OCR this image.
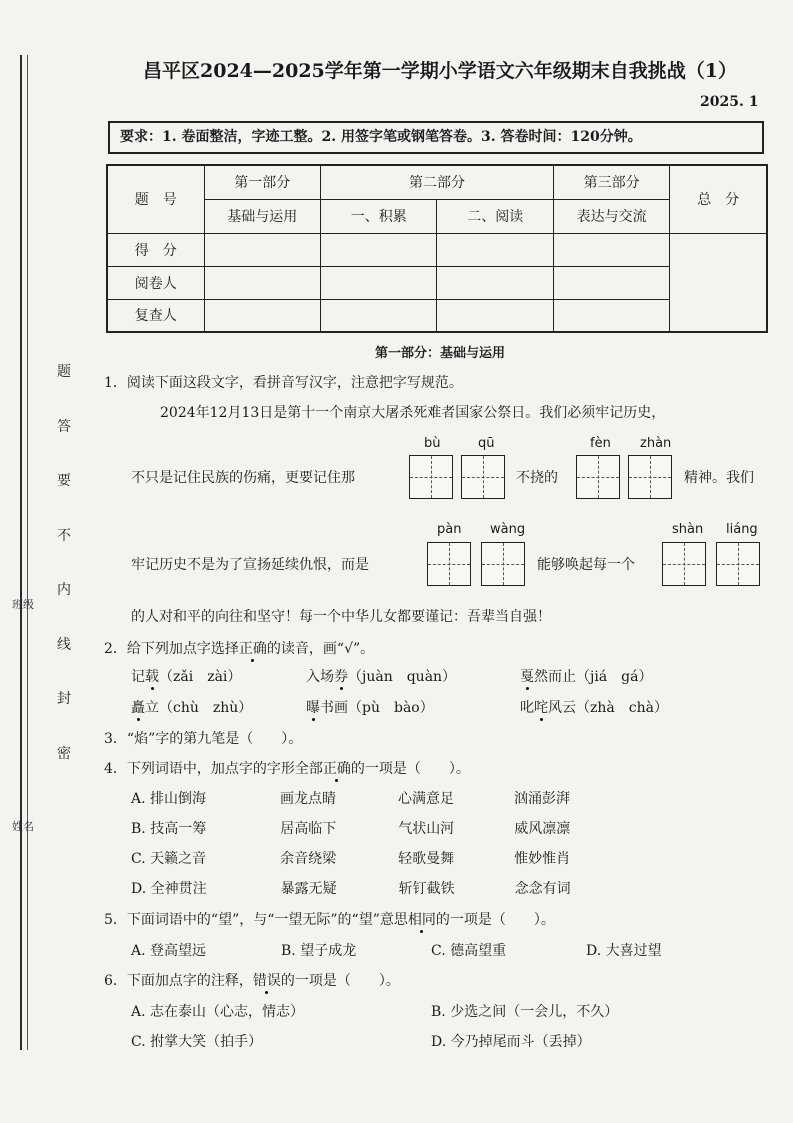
班级
姓名
题
答
要
不
内
线
封
密
昌平区2024—2025学年第一学期小学语文六年级期末自我挑战（1）
2025. 1
要求：1. 卷面整洁，字迹工整。2. 用签字笔或钢笔答卷。3. 答卷时间：120分钟。
题　号	第一部分	第二部分		第三部分	总　分
	基础与运用	一、积累	二、阅读	表达与交流	
得　分					
阅卷人					
复查人					
第一部分：基础与运用
1．阅读下面这段文字，看拼音写汉字，注意把字写规范。
2024年12月13日是第十一个南京大屠杀死难者国家公祭日。我们必须牢记历史，
bù	qū	fèn zhàn
不只是记住民族的伤痛，更要记住那	不挠的	精神。我们
pàn wàng	shàn liáng
牢记历史不是为了宣扬延续仇恨，而是	能够唤起每一个
的人对和平的向往和坚守！每一个中华儿女都要谨记：吾辈当自强！
2．给下列加点字选择正确的读音，画“√”。
记载（zǎi　zài）	入场券（juàn　quàn）	戛然而止（jiá　gá）
矗立（chù　zhù）	曝书画（pù　bào）	叱咤风云（zhà　chà）
3．“焰”字的第九笔是（　　）。
4．下列词语中，加点字的字形全部正确的一项是（　　）。
A. 排山倒海	画龙点睛	心满意足	汹涌彭湃
B. 技高一筹	居高临下	气状山河	威风凛凛
C. 天籁之音	余音绕梁	轻歌曼舞	惟妙惟肖
D. 全神贯注	暴露无疑	斩钉截铁	念念有词
5．下面词语中的“望”，与“一望无际”的“望”意思相同的一项是（　　）。
A. 登高望远	B. 望子成龙	C. 德高望重	D. 大喜过望
6．下面加点字的注释，错误的一项是（　　）。
A. 志在泰山（心志，情志）	B. 少选之间（一会儿，不久）
C. 拊掌大笑（拍手）	D. 今乃掉尾而斗（丢掉）
